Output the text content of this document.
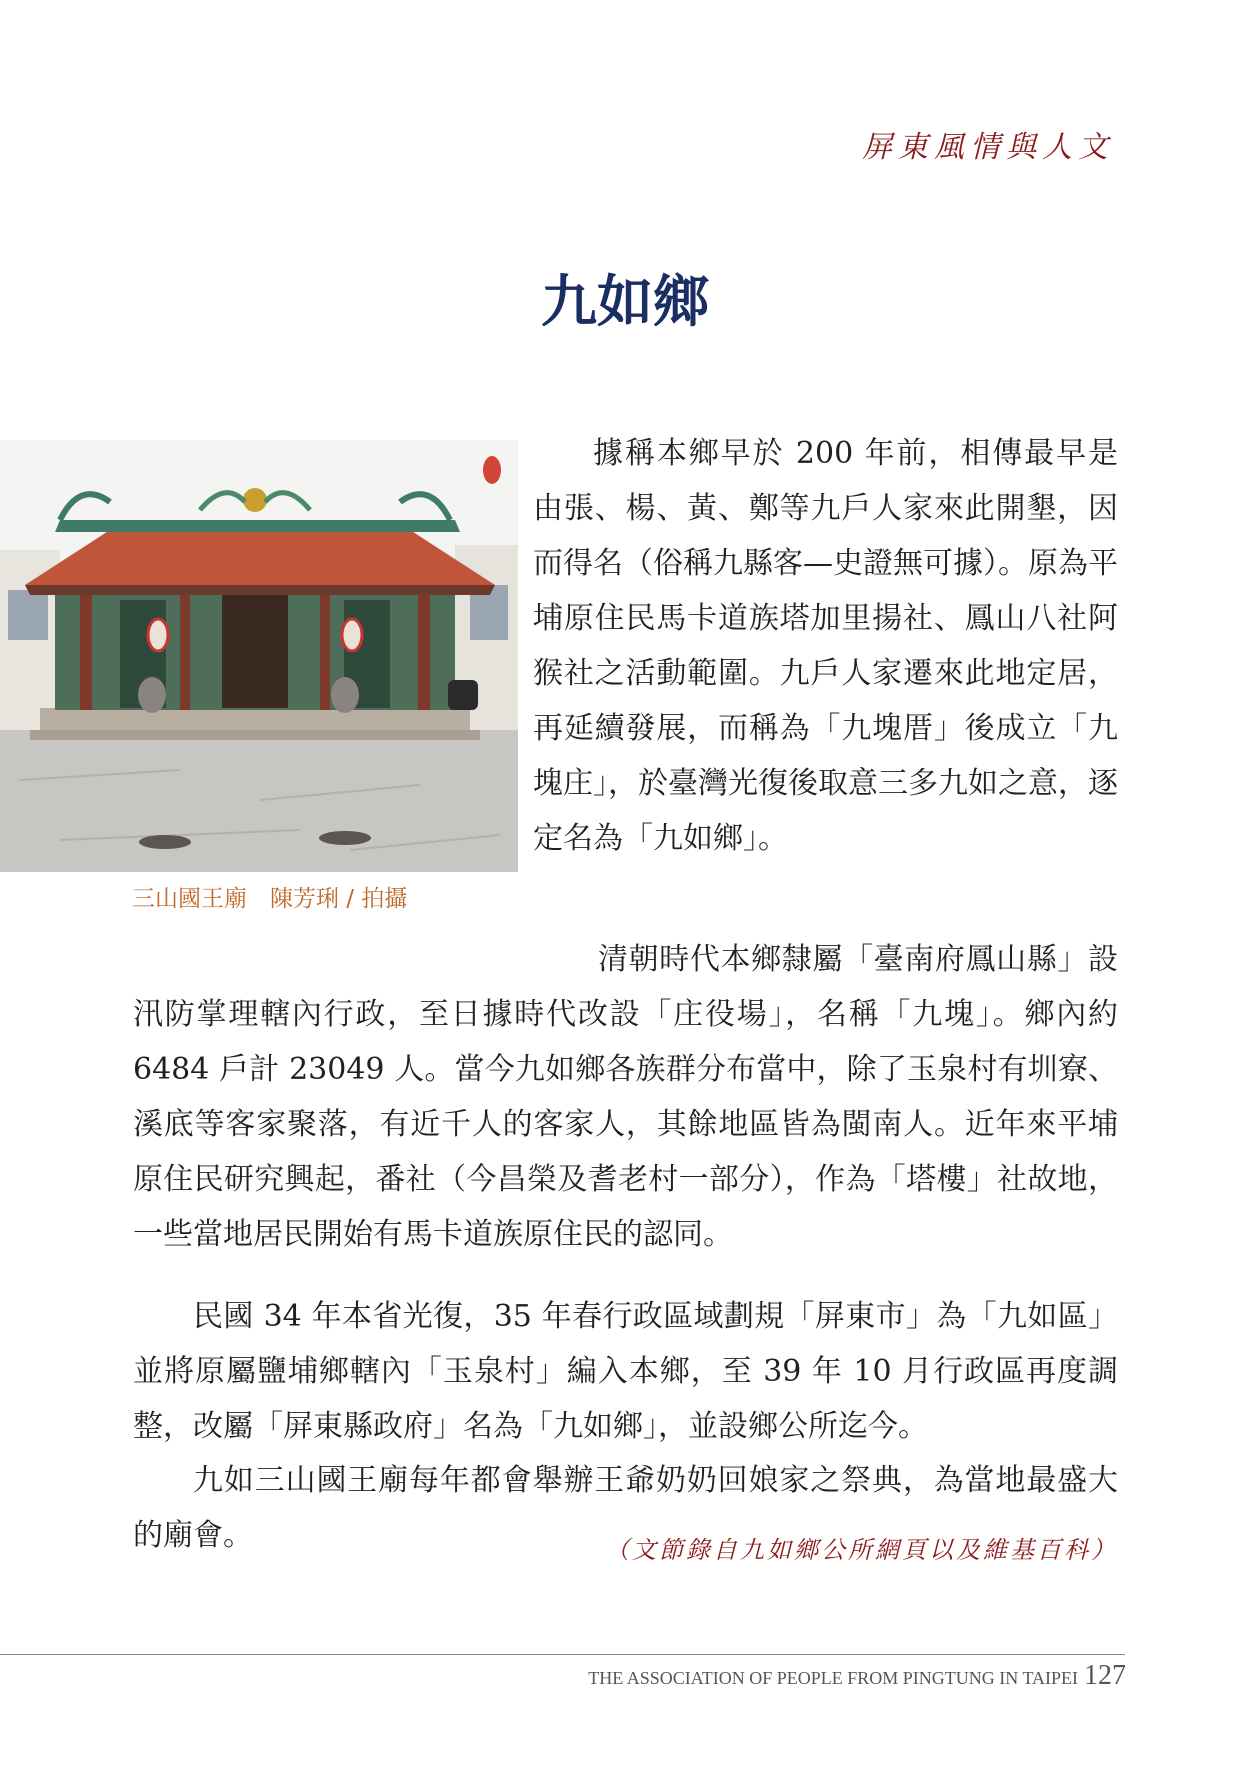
屏東風情與人文
九如鄉
三山國王廟　陳芳琍 / 拍攝
據稱本鄉早於 200 年前，相傳最早是由張、楊、黃、鄭等九戶人家來此開墾，因而得名（俗稱九縣客—史證無可據）。原為平埔原住民馬卡道族塔加里揚社、鳳山八社阿猴社之活動範圍。九戶人家遷來此地定居，再延續發展，而稱為「九塊厝」後成立「九塊庄」，於臺灣光復後取意三多九如之意，逐定名為「九如鄉」。
清朝時代本鄉隸屬「臺南府鳳山縣」設汛防掌理轄內行政，至日據時代改設「庄役場」，名稱「九塊」。鄉內約 6484 戶計 23049 人。當今九如鄉各族群分布當中，除了玉泉村有圳寮、溪底等客家聚落，有近千人的客家人，其餘地區皆為閩南人。近年來平埔原住民研究興起，番社（今昌榮及耆老村一部分），作為「塔樓」社故地，一些當地居民開始有馬卡道族原住民的認同。
民國 34 年本省光復，35 年春行政區域劃規「屏東市」為「九如區」並將原屬鹽埔鄉轄內「玉泉村」編入本鄉，至 39 年 10 月行政區再度調整，改屬「屏東縣政府」名為「九如鄉」，並設鄉公所迄今。
九如三山國王廟每年都會舉辦王爺奶奶回娘家之祭典，為當地最盛大的廟會。	（文節錄自九如鄉公所網頁以及維基百科）
THE ASSOCIATION OF PEOPLE FROM PINGTUNG IN TAIPEI 127
